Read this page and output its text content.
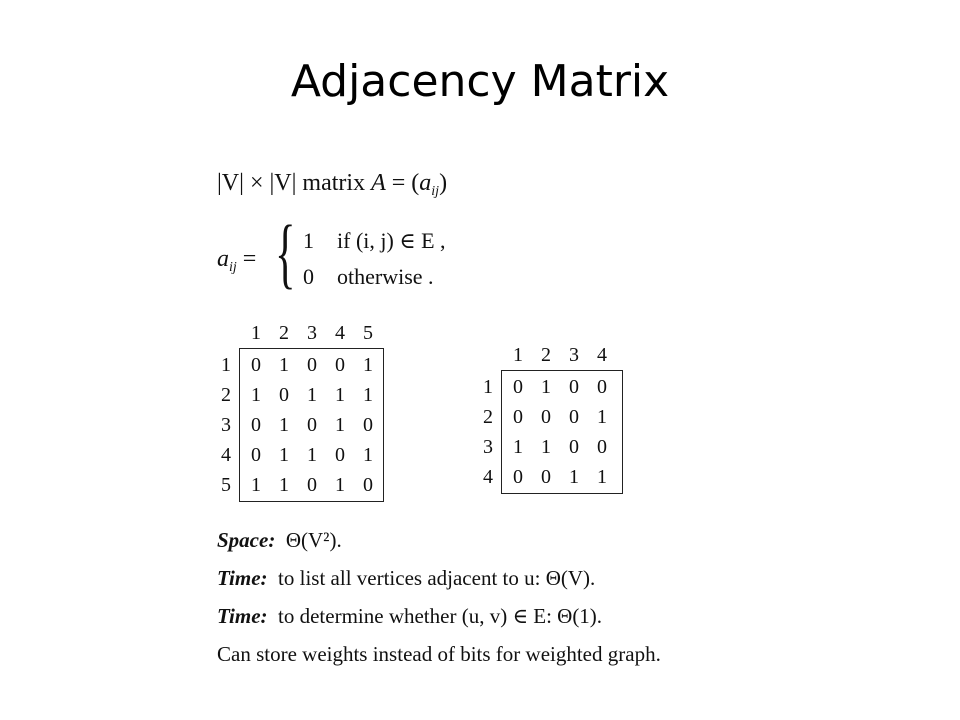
Adjacency Matrix
|V| × |V| matrix $A = (a_{ij})$
$a_{ij}$ = { 1 if (i, j) ∈ E ,
0 otherwise .
1 2 3 4 5
1
2
3
4
5
0 1 0 0 1
1 0 1 1 1
0 1 0 1 0
0 1 1 0 1
1 1 0 1 0
1 2 3 4
1
2
3
4
0 1 0 0
0 0 0 1
1 1 0 0
0 0 1 1
Space: Θ(V²).
Time: to list all vertices adjacent to u: Θ(V).
Time: to determine whether (u, v) ∈ E: Θ(1).
Can store weights instead of bits for weighted graph.
